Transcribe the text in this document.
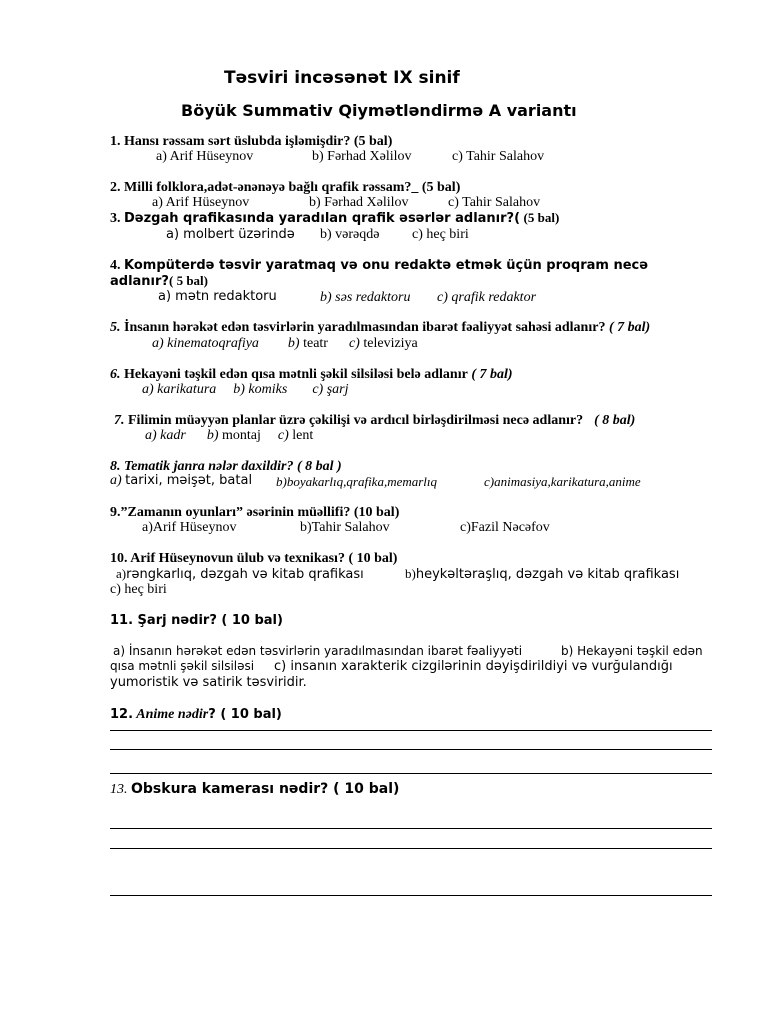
Təsviri incəsənət IX sinif
Böyük Summativ Qiymətləndirmə A variantı
1. Hansı rəssam sərt üslubda işləmişdir? (5 bal)
a) Arif Hüseynov	b) Fərhad Xəlilov	c) Tahir Salahov
2. Milli folklora,adət-ənənəyə bağlı qrafik rəssam?_ (5 bal)
a) Arif Hüseynov	b) Fərhad Xəlilov	c) Tahir Salahov
3. Dəzgah qrafikasında yaradılan qrafik əsərlər adlanır?( (5 bal)
a) molbert üzərində b) vərəqdə c) heç biri
4. Kompüterdə təsvir yaratmaq və onu redaktə etmək üçün proqram necə
adlanır?( 5 bal)
a) mətn redaktoru	b) səs redaktoru c) qrafik redaktor
5. İnsanın hərəkət edən təsvirlərin yaradılmasından ibarət fəaliyyət sahəsi adlanır? ( 7 bal)
a) kinematoqrafiya b) teatr c) televiziya
6. Hekayəni təşkil edən qısa mətnli şəkil silsiləsi belə adlanır ( 7 bal)
a) karikatura b) komiks c) şarj
7. Filimin müəyyən planlar üzrə çəkilişi və ardıcıl birləşdirilməsi necə adlanır? ( 8 bal)
a) kadr b) montaj c) lent
8. Tematik janra nələr daxildir? ( 8 bal )
a) tarixi, məişət, batal b)boyakarlıq,qrafika,memarlıq	c)animasiya,karikatura,anime
9.”Zamanın oyunları” əsərinin müəllifi? (10 bal)
a)Arif Hüseynov	b)Tahir Salahov	c)Fazil Nəcəfov
10. Arif Hüseynovun ülub və texnikası? ( 10 bal)
a)rəngkarlıq, dəzgah və kitab qrafikası	b)heykəltəraşlıq, dəzgah və kitab qrafikası
c) heç biri
11. Şarj nədir? ( 10 bal)
a) İnsanın hərəkət edən təsvirlərin yaradılmasından ibarət fəaliyyəti	b) Hekayəni təşkil edən
qısa mətnli şəkil silsiləsi c) insanın xarakterik cizgilərinin dəyişdirildiyi və vurğulandığı
yumoristik və satirik təsviridir.
12. Anime nədir? ( 10 bal)
13. Obskura kamerası nədir? ( 10 bal)
